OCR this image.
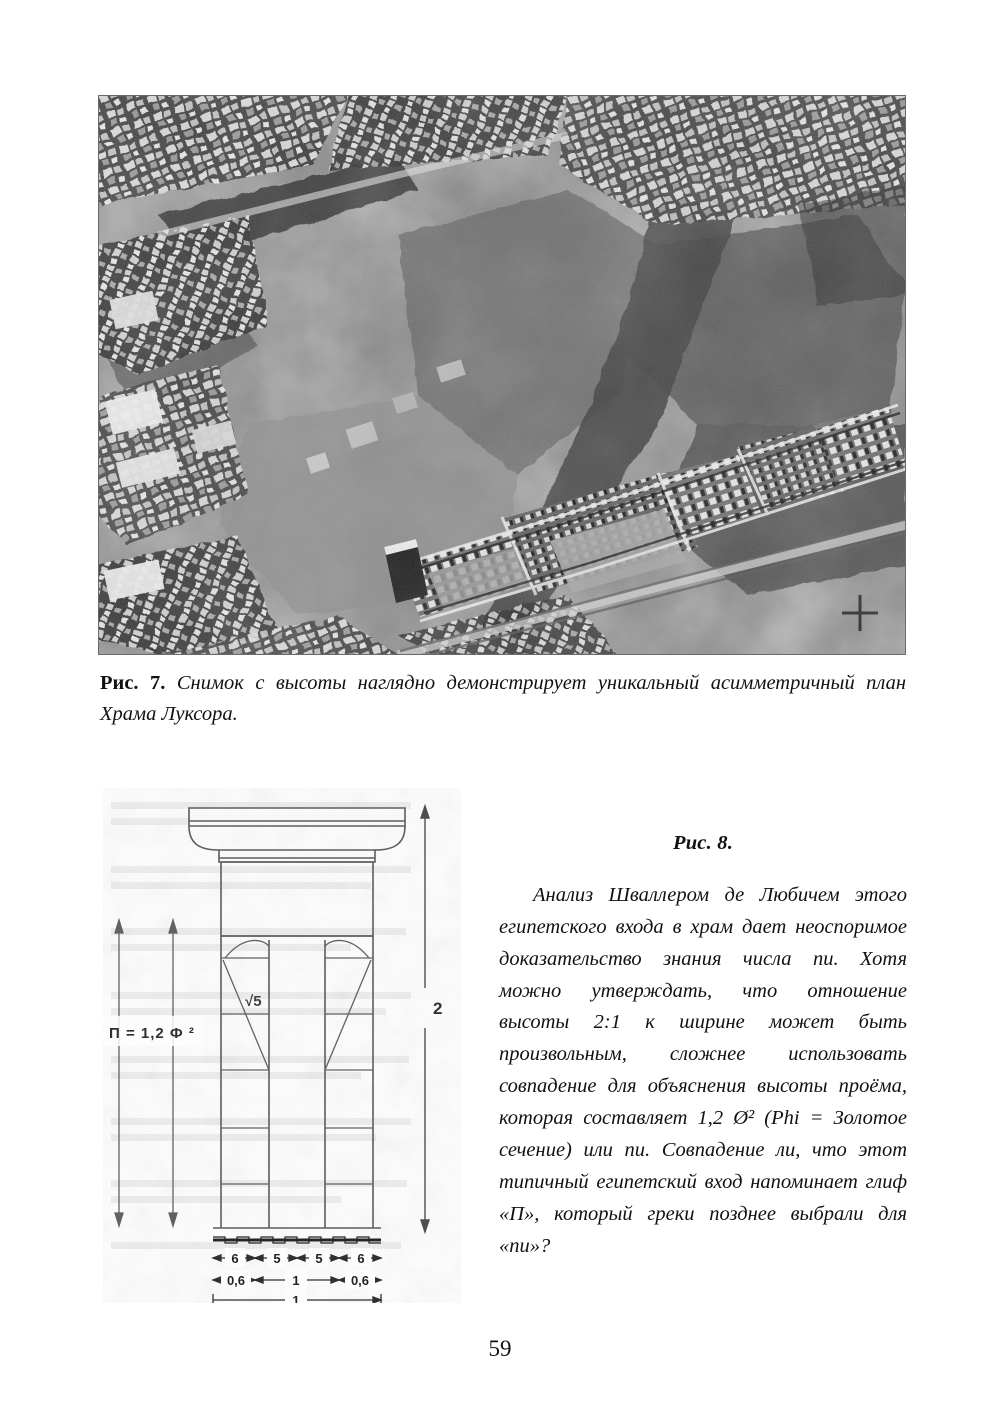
Рис. 7. Снимок с высоты наглядно демонстрирует уникальный асимметричный план Храма Луксора.
Рис. 8.

Анализ Шваллером де Любичем этого египетского входа в храм дает неоспоримое доказательство знания числа пи. Хотя можно утверждать, что отношение высоты 2:1 к ширине может быть произвольным, сложнее использовать совпадение для объяснения высоты проёма, которая составляет 1,2 Ø² (Phi = Золотое сечение) или пи. Совпадение ли, что этот типичный египетский вход напоминает глиф «П», который греки позднее выбрали для «пи»?

59
